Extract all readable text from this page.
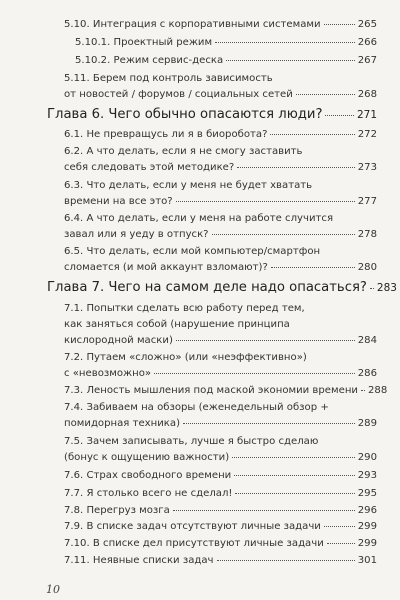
5.10. Интеграция с корпоративными системами	265
5.10.1. Проектный режим	266
5.10.2. Режим сервис-деска	267
5.11. Берем под контроль зависимость
от новостей / форумов / социальных сетей	268
Глава 6. Чего обычно опасаются люди?	271
6.1. Не превращусь ли я в биоробота?	272
6.2. А что делать, если я не смогу заставить
себя следовать этой методике?	273
6.3. Что делать, если у меня не будет хватать
времени на все это?	277
6.4. А что делать, если у меня на работе случится
завал или я уеду в отпуск?	278
6.5. Что делать, если мой компьютер/смартфон
сломается (и мой аккаунт взломают)?	280
Глава 7. Чего на самом деле надо опасаться? 283
7.1. Попытки сделать всю работу перед тем,
как заняться собой (нарушение принципа
кислородной маски)	284
7.2. Путаем «сложно» (или «неэффективно»)
с «невозможно»	286
7.3. Леность мышления под маской экономии времени 288
7.4. Забиваем на обзоры (еженедельный обзор +
помидорная техника)	289
7.5. Зачем записывать, лучше я быстро сделаю
(бонус к ощущению важности)	290
7.6. Страх свободного времени	293
7.7. Я столько всего не сделал!	295
7.8. Перегруз мозга	296
7.9. В списке задач отсутствуют личные задачи	299
7.10. В списке дел присутствуют личные задачи	299
7.11. Неявные списки задач	301
10
